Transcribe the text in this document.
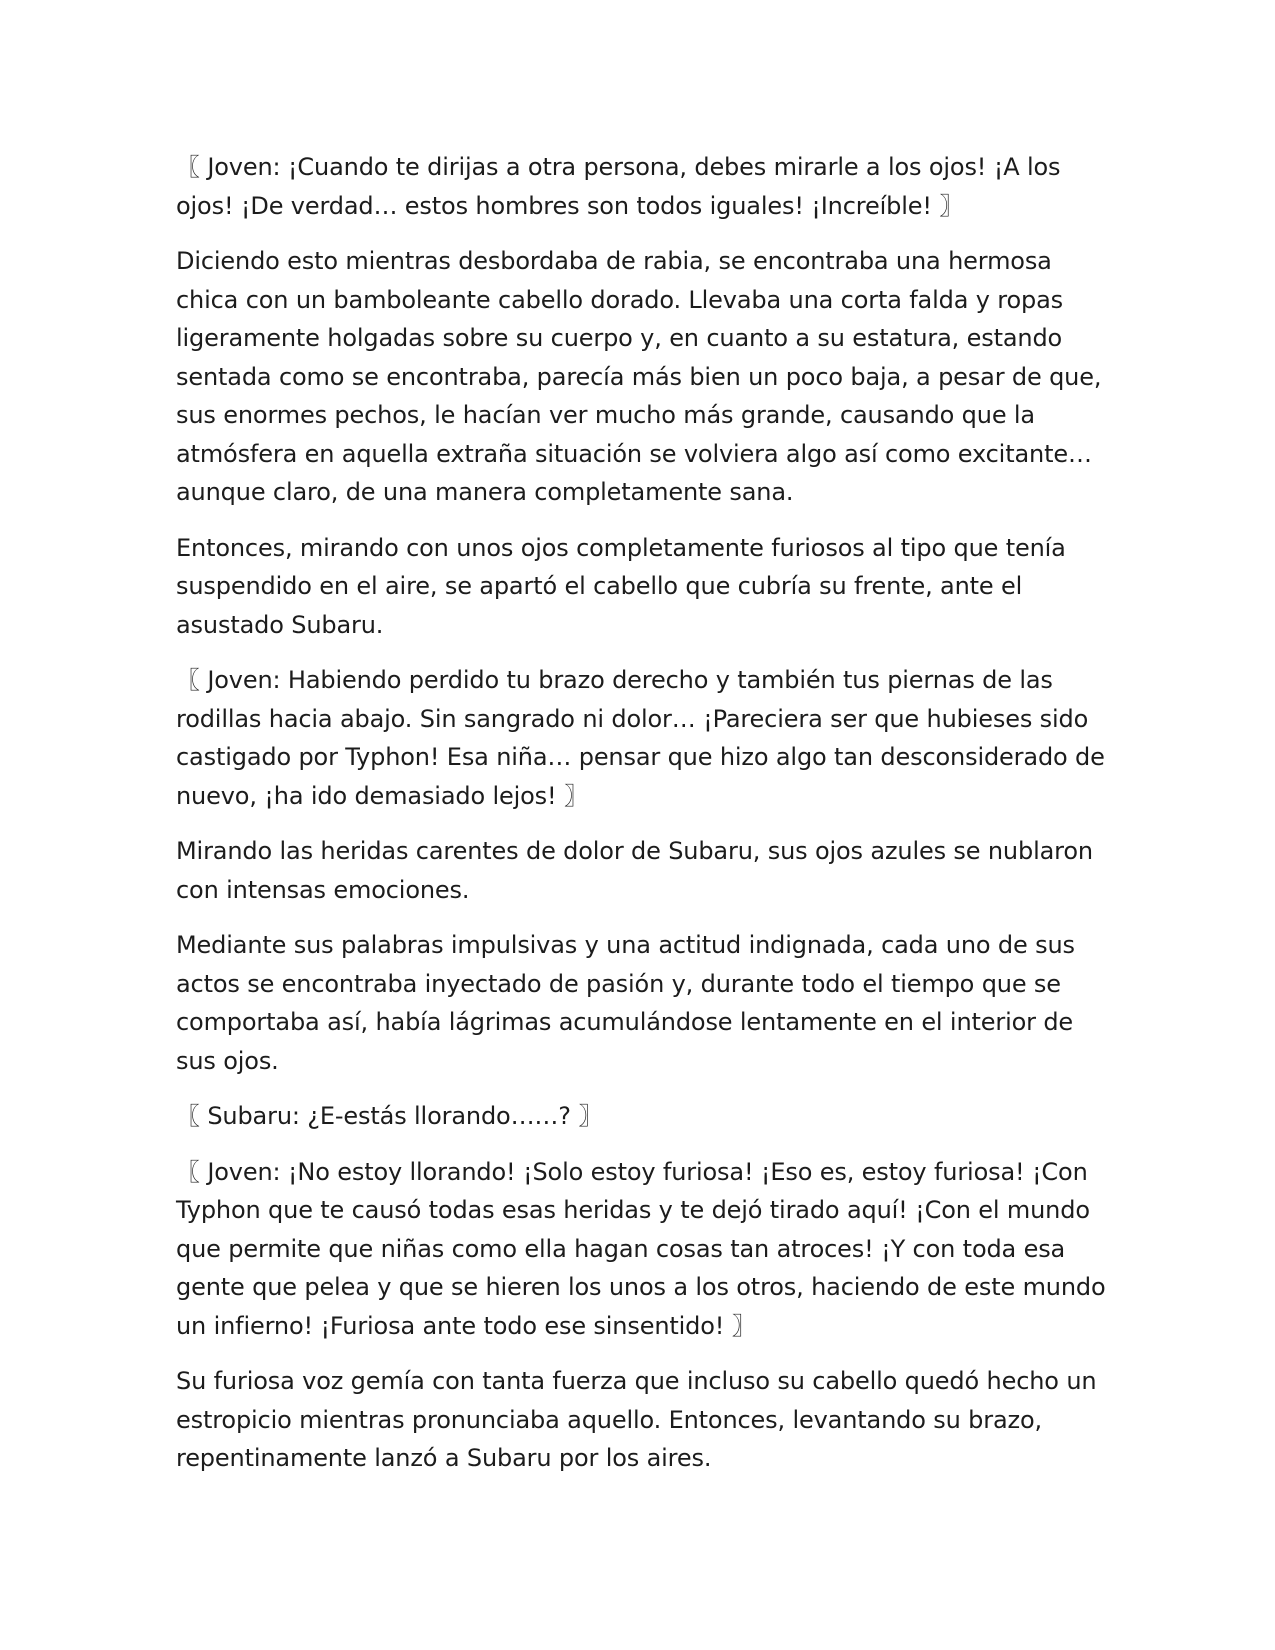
〖 Joven: ¡Cuando te dirijas a otra persona, debes mirarle a los ojos! ¡A los
ojos! ¡De verdad… estos hombres son todos iguales! ¡Increíble! 〗

Diciendo esto mientras desbordaba de rabia, se encontraba una hermosa
chica con un bamboleante cabello dorado. Llevaba una corta falda y ropas
ligeramente holgadas sobre su cuerpo y, en cuanto a su estatura, estando
sentada como se encontraba, parecía más bien un poco baja, a pesar de que,
sus enormes pechos, le hacían ver mucho más grande, causando que la
atmósfera en aquella extraña situación se volviera algo así como excitante…
aunque claro, de una manera completamente sana.

Entonces, mirando con unos ojos completamente furiosos al tipo que tenía
suspendido en el aire, se apartó el cabello que cubría su frente, ante el
asustado Subaru.

〖 Joven: Habiendo perdido tu brazo derecho y también tus piernas de las
rodillas hacia abajo. Sin sangrado ni dolor… ¡Pareciera ser que hubieses sido
castigado por Typhon! Esa niña… pensar que hizo algo tan desconsiderado de
nuevo, ¡ha ido demasiado lejos! 〗

Mirando las heridas carentes de dolor de Subaru, sus ojos azules se nublaron
con intensas emociones.

Mediante sus palabras impulsivas y una actitud indignada, cada uno de sus
actos se encontraba inyectado de pasión y, durante todo el tiempo que se
comportaba así, había lágrimas acumulándose lentamente en el interior de
sus ojos.

〖 Subaru: ¿E-estás llorando……? 〗

〖 Joven: ¡No estoy llorando! ¡Solo estoy furiosa! ¡Eso es, estoy furiosa! ¡Con
Typhon que te causó todas esas heridas y te dejó tirado aquí! ¡Con el mundo
que permite que niñas como ella hagan cosas tan atroces! ¡Y con toda esa
gente que pelea y que se hieren los unos a los otros, haciendo de este mundo
un infierno! ¡Furiosa ante todo ese sinsentido! 〗

Su furiosa voz gemía con tanta fuerza que incluso su cabello quedó hecho un
estropicio mientras pronunciaba aquello. Entonces, levantando su brazo,
repentinamente lanzó a Subaru por los aires.
